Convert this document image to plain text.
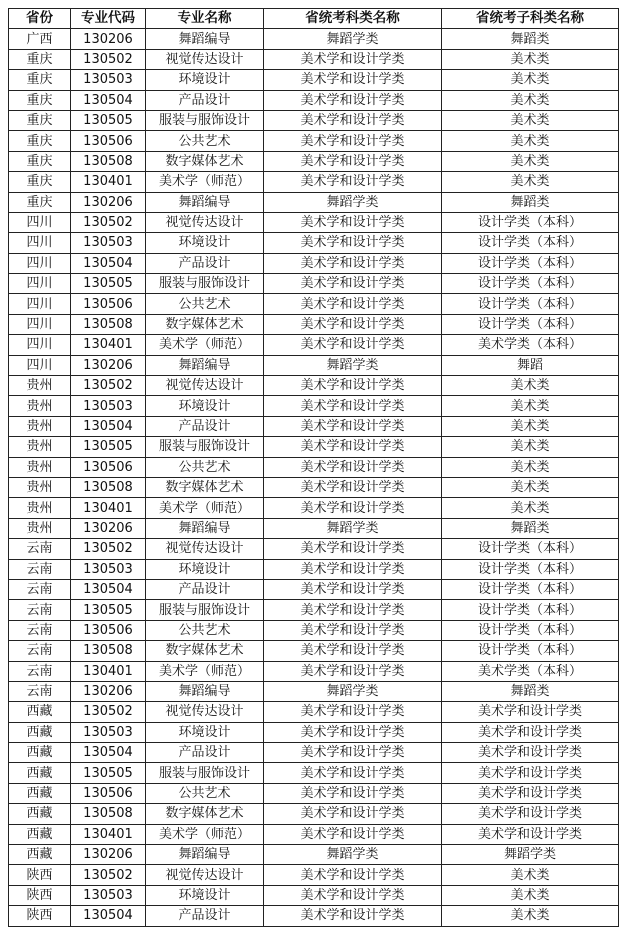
省份	专业代码	专业名称	省统考科类名称	省统考子科类名称
广西	130206	舞蹈编导	舞蹈学类	舞蹈类
重庆	130502	视觉传达设计	美术学和设计学类	美术类
重庆	130503	环境设计	美术学和设计学类	美术类
重庆	130504	产品设计	美术学和设计学类	美术类
重庆	130505	服装与服饰设计	美术学和设计学类	美术类
重庆	130506	公共艺术	美术学和设计学类	美术类
重庆	130508	数字媒体艺术	美术学和设计学类	美术类
重庆	130401	美术学（师范）	美术学和设计学类	美术类
重庆	130206	舞蹈编导	舞蹈学类	舞蹈类
四川	130502	视觉传达设计	美术学和设计学类	设计学类（本科）
四川	130503	环境设计	美术学和设计学类	设计学类（本科）
四川	130504	产品设计	美术学和设计学类	设计学类（本科）
四川	130505	服装与服饰设计	美术学和设计学类	设计学类（本科）
四川	130506	公共艺术	美术学和设计学类	设计学类（本科）
四川	130508	数字媒体艺术	美术学和设计学类	设计学类（本科）
四川	130401	美术学（师范）	美术学和设计学类	美术学类（本科）
四川	130206	舞蹈编导	舞蹈学类	舞蹈
贵州	130502	视觉传达设计	美术学和设计学类	美术类
贵州	130503	环境设计	美术学和设计学类	美术类
贵州	130504	产品设计	美术学和设计学类	美术类
贵州	130505	服装与服饰设计	美术学和设计学类	美术类
贵州	130506	公共艺术	美术学和设计学类	美术类
贵州	130508	数字媒体艺术	美术学和设计学类	美术类
贵州	130401	美术学（师范）	美术学和设计学类	美术类
贵州	130206	舞蹈编导	舞蹈学类	舞蹈类
云南	130502	视觉传达设计	美术学和设计学类	设计学类（本科）
云南	130503	环境设计	美术学和设计学类	设计学类（本科）
云南	130504	产品设计	美术学和设计学类	设计学类（本科）
云南	130505	服装与服饰设计	美术学和设计学类	设计学类（本科）
云南	130506	公共艺术	美术学和设计学类	设计学类（本科）
云南	130508	数字媒体艺术	美术学和设计学类	设计学类（本科）
云南	130401	美术学（师范）	美术学和设计学类	美术学类（本科）
云南	130206	舞蹈编导	舞蹈学类	舞蹈类
西藏	130502	视觉传达设计	美术学和设计学类	美术学和设计学类
西藏	130503	环境设计	美术学和设计学类	美术学和设计学类
西藏	130504	产品设计	美术学和设计学类	美术学和设计学类
西藏	130505	服装与服饰设计	美术学和设计学类	美术学和设计学类
西藏	130506	公共艺术	美术学和设计学类	美术学和设计学类
西藏	130508	数字媒体艺术	美术学和设计学类	美术学和设计学类
西藏	130401	美术学（师范）	美术学和设计学类	美术学和设计学类
西藏	130206	舞蹈编导	舞蹈学类	舞蹈学类
陕西	130502	视觉传达设计	美术学和设计学类	美术类
陕西	130503	环境设计	美术学和设计学类	美术类
陕西	130504	产品设计	美术学和设计学类	美术类
